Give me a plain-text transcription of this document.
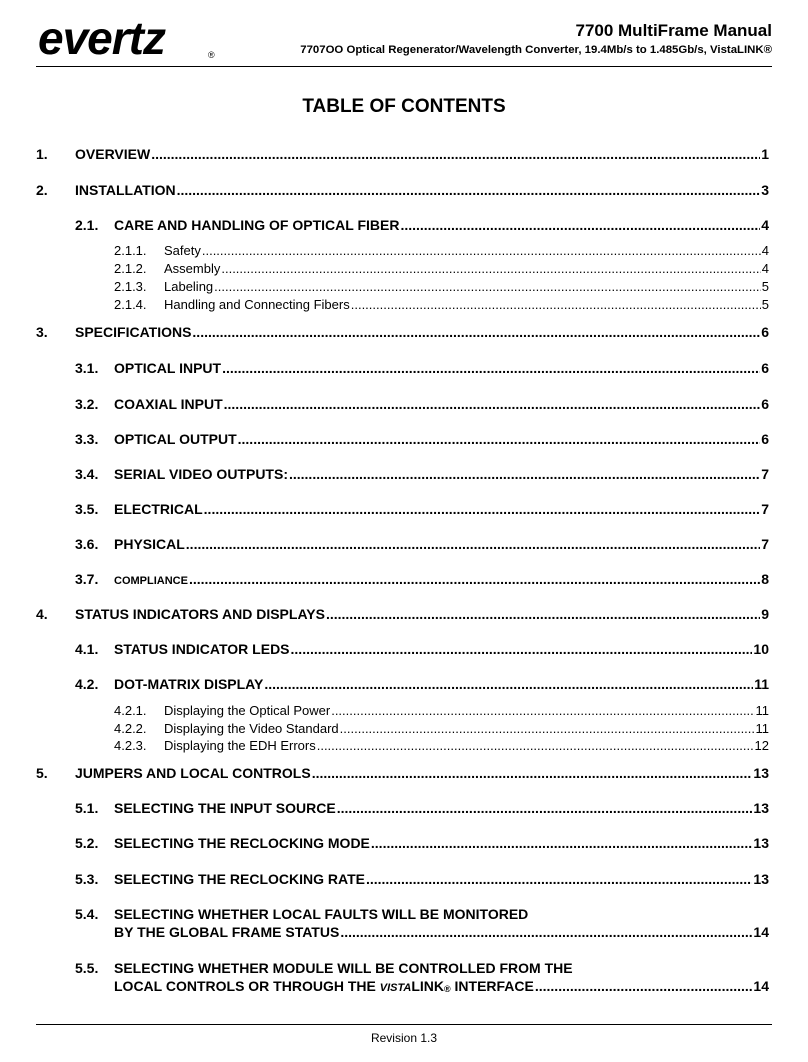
evertz	®
7700 MultiFrame Manual
7707OO Optical Regenerator/Wavelength Converter, 19.4Mb/s to 1.485Gb/s, VistaLINK®
TABLE OF CONTENTS
1.	OVERVIEW .....	1
2.	INSTALLATION .....	3
2.1.	CARE AND HANDLING OF OPTICAL FIBER .....	4
2.1.1.	Safety .....	4
2.1.2.	Assembly .....	4
2.1.3.	Labeling .....	5
2.1.4.	Handling and Connecting Fibers .....	5
3.	SPECIFICATIONS .....	6
3.1.	OPTICAL INPUT .....	6
3.2.	COAXIAL INPUT .....	6
3.3.	OPTICAL OUTPUT .....	6
3.4.	SERIAL VIDEO OUTPUTS: .....	7
3.5.	ELECTRICAL .....	7
3.6.	PHYSICAL .....	7
3.7.	COMPLIANCE .....	8
4.	STATUS INDICATORS AND DISPLAYS .....	9
4.1.	STATUS INDICATOR LEDS .....	10
4.2.	DOT-MATRIX DISPLAY .....	11
4.2.1.	Displaying the Optical Power .....	11
4.2.2.	Displaying the Video Standard .....	11
4.2.3.	Displaying the EDH Errors .....	12
5.	JUMPERS AND LOCAL CONTROLS .....	13
5.1.	SELECTING THE INPUT SOURCE .....	13
5.2.	SELECTING THE RECLOCKING MODE .....	13
5.3.	SELECTING THE RECLOCKING RATE .....	13
5.4. SELECTING WHETHER LOCAL FAULTS WILL BE MONITORED
BY THE GLOBAL FRAME STATUS .....	14
5.5. SELECTING WHETHER MODULE WILL BE CONTROLLED FROM THE
LOCAL CONTROLS OR THROUGH THE VISTALINK® INTERFACE .....	14
Revision 1.3
